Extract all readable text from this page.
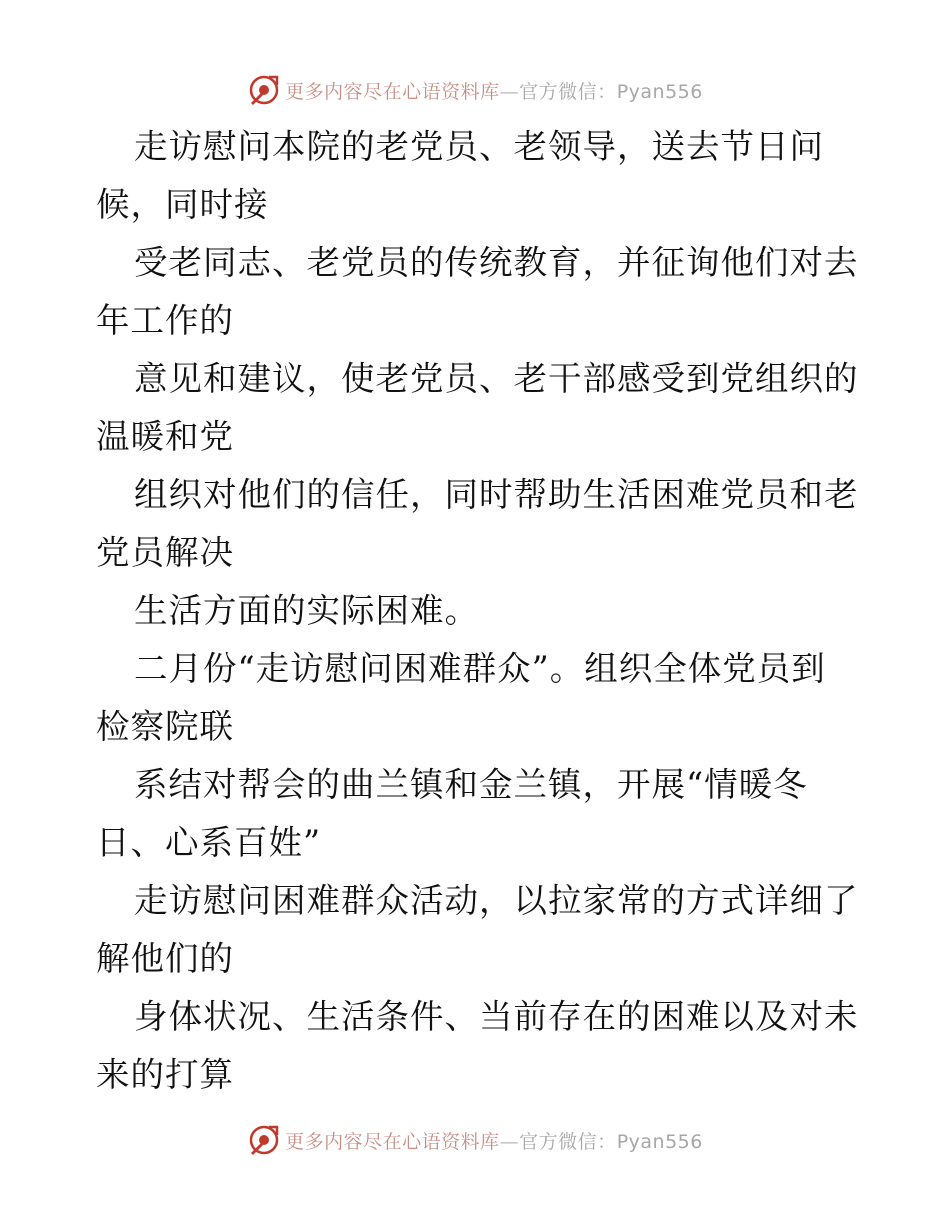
更多内容尽在心语资料库—官方微信：Pyan556
走访慰问本院的老党员、老领导，送去节日问
候，同时接
受老同志、老党员的传统教育，并征询他们对去
年工作的
意见和建议，使老党员、老干部感受到党组织的
温暖和党
组织对他们的信任，同时帮助生活困难党员和老
党员解决
生活方面的实际困难。
二月份“走访慰问困难群众”。组织全体党员到
检察院联
系结对帮会的曲兰镇和金兰镇，开展“情暖冬
日、心系百姓”
走访慰问困难群众活动，以拉家常的方式详细了
解他们的
身体状况、生活条件、当前存在的困难以及对未
来的打算
更多内容尽在心语资料库—官方微信：Pyan556
